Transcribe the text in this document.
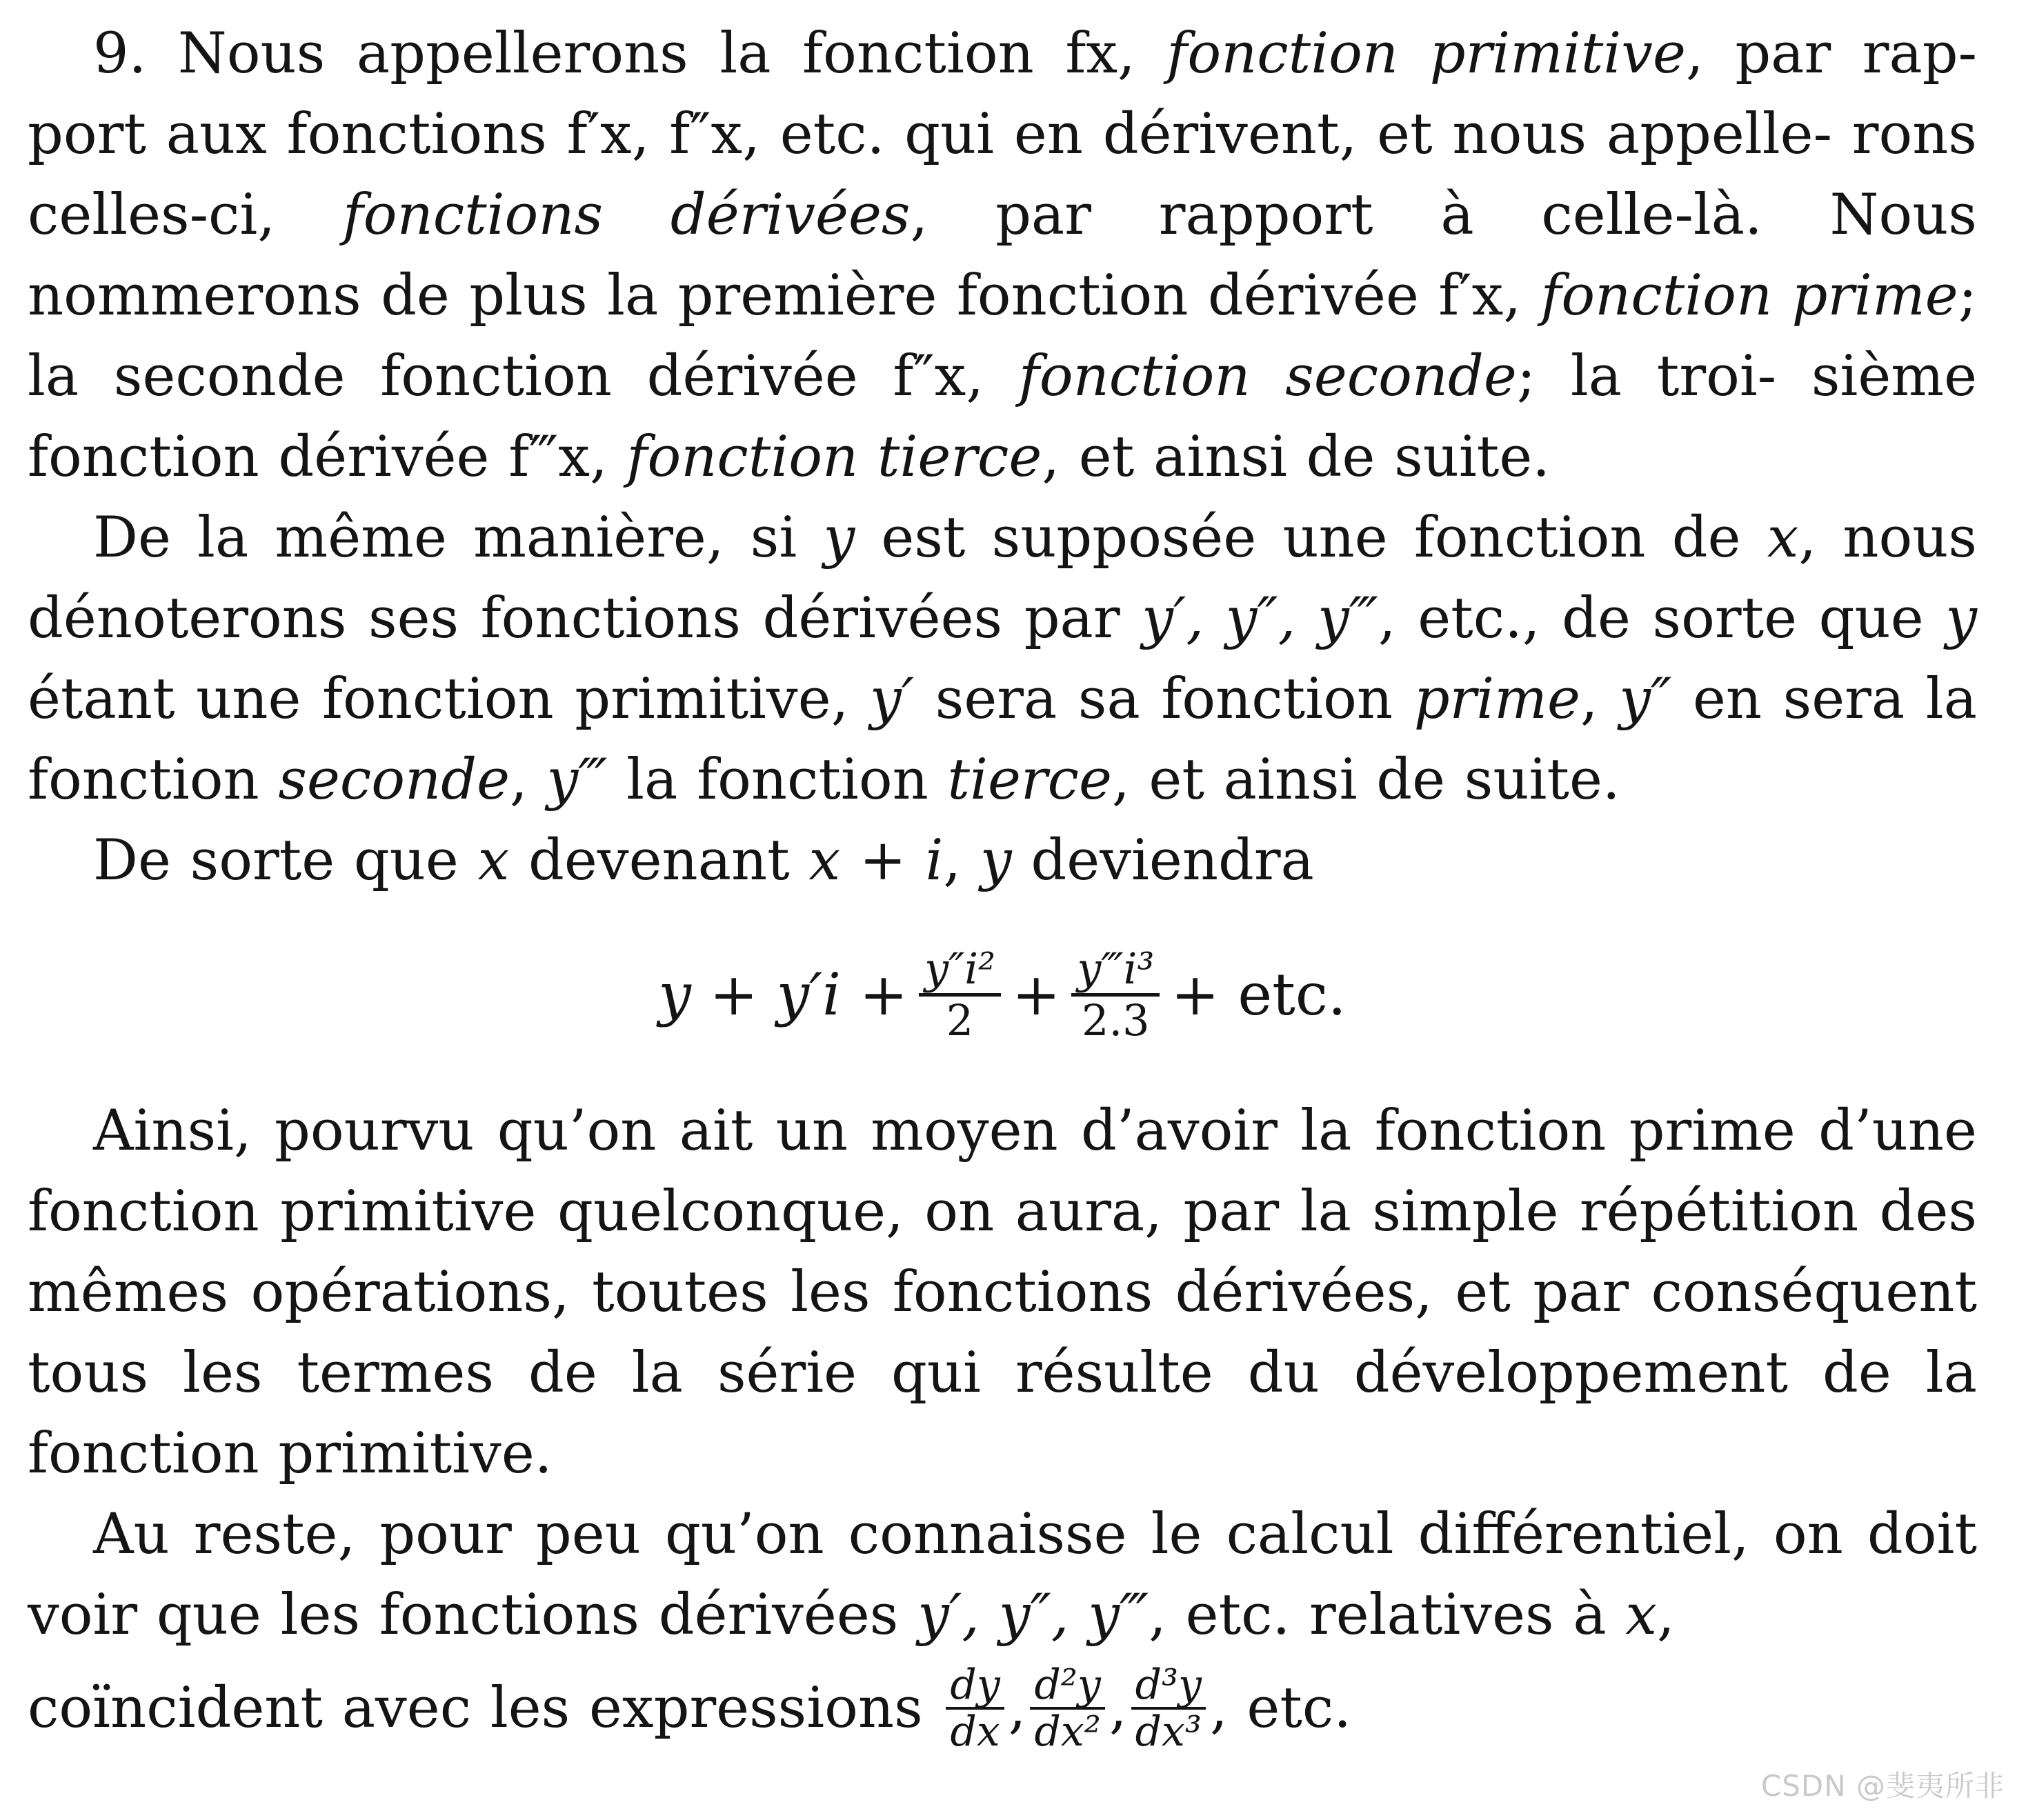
9. Nous appellerons la fonction fx, fonction primitive, par rap- port aux fonctions f′x, f″x, etc. qui en dérivent, et nous appelle- rons celles-ci, fonctions dérivées, par rapport à celle-là. Nous nommerons de plus la première fonction dérivée f′x, fonction prime; la seconde fonction dérivée f″x, fonction seconde; la troi- sième fonction dérivée f‴x, fonction tierce, et ainsi de suite.

De la même manière, si y est supposée une fonction de x, nous dénoterons ses fonctions dérivées par y′, y″, y‴, etc., de sorte que y étant une fonction primitive, y′ sera sa fonction prime, y″ en sera la fonction seconde, y‴ la fonction tierce, et ainsi de suite.

De sorte que x devenant x + i, y deviendra

$y + y'i + \frac{\text{y″i²}}{2} + \frac{\text{y‴i³}}{2.3}$ + etc.

Ainsi, pourvu qu’on ait un moyen d’avoir la fonction prime d’une fonction primitive quelconque, on aura, par la simple répétition des mêmes opérations, toutes les fonctions dérivées, et par conséquent tous les termes de la série qui résulte du développement de la fonction primitive.

Au reste, pour peu qu’on connaisse le calcul différentiel, on doit voir que les fonctions dérivées y′, y″, y‴, etc. relatives à x,

coïncident avec les expressions $\frac{dy}{dx}$ , $\frac{\text{d²y}}{\text{dx²}}$ , $\frac{\text{d³y}}{\text{dx³}}$ , etc.

CSDN @斐夷所非
